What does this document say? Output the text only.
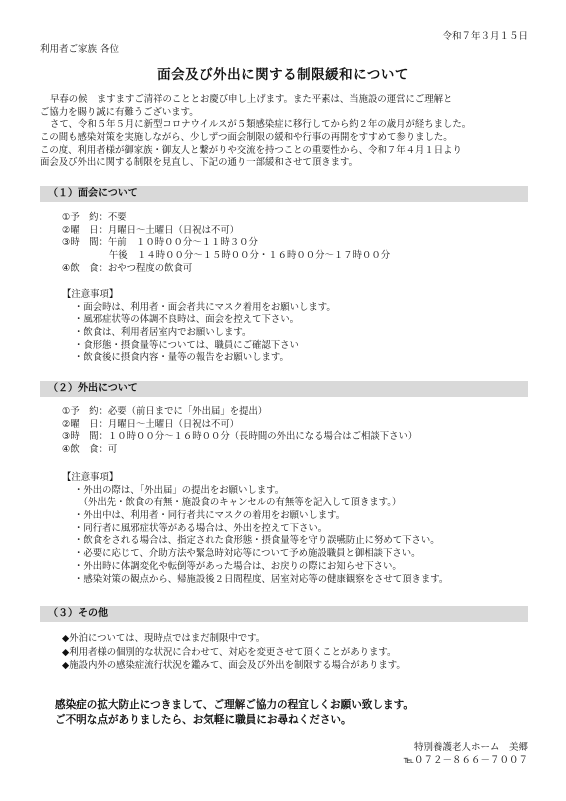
令和７年３月１５日
利用者ご家族 各位
面会及び外出に関する制限緩和について

早春の候　ますますご清祥のこととお慶び申し上げます。また平素は、当施設の運営にご理解と

ご協力を賜り誠に有難うございます。

さて、令和５年５月に新型コロナウイルスが５類感染症に移行してから約２年の歳月が経ちました。

この間も感染対策を実施しながら、少しずつ面会制限の緩和や行事の再開をすすめて参りました。

この度、利用者様が御家族・御友人と繋がりや交流を持つことの重要性から、令和７年４月１日より

面会及び外出に関する制限を見直し、下記の通り一部緩和させて頂きます。

（１）面会について

①予　約：不要

②曜　日：月曜日～土曜日（日祝は不可）

③時　間：午前　１０時００分～１１時３０分

　　　　　午後　１４時００分～１５時００分・１６時００分～１７時００分

④飲　食：おやつ程度の飲食可

【注意事項】

・面会時は、利用者・面会者共にマスク着用をお願いします。

・風邪症状等の体調不良時は、面会を控えて下さい。

・飲食は、利用者居室内でお願いします。

・食形態・摂食量等については、職員にご確認下さい

・飲食後に摂食内容・量等の報告をお願いします。

（２）外出について

①予　約：必要（前日までに「外出届」を提出）

②曜　日：月曜日～土曜日（日祝は不可）

③時　間：１０時００分～１６時００分（長時間の外出になる場合はご相談下さい）

④飲　食：可

【注意事項】

・外出の際は、「外出届」の提出をお願いします。

　（外出先・飲食の有無・施設食のキャンセルの有無等を記入して頂きます。）

・外出中は、利用者・同行者共にマスクの着用をお願いします。

・同行者に風邪症状等がある場合は、外出を控えて下さい。

・飲食をされる場合は、指定された食形態・摂食量等を守り誤嚥防止に努めて下さい。

・必要に応じて、介助方法や緊急時対応等について予め施設職員と御相談下さい。

・外出時に体調変化や転倒等があった場合は、お戻りの際にお知らせ下さい。

・感染対策の観点から、帰施設後２日間程度、居室対応等の健康観察をさせて頂きます。

（３）その他

◆外泊については、現時点ではまだ制限中です。

◆利用者様の個別的な状況に合わせて、対応を変更させて頂くことがあります。

◆施設内外の感染症流行状況を鑑みて、面会及び外出を制限する場合があります。

感染症の拡大防止につきまして、ご理解ご協力の程宜しくお願い致します。

ご不明な点がありましたら、お気軽に職員にお尋ねください。

特別養護老人ホーム　美郷

℡０７２－８６６－７００７
